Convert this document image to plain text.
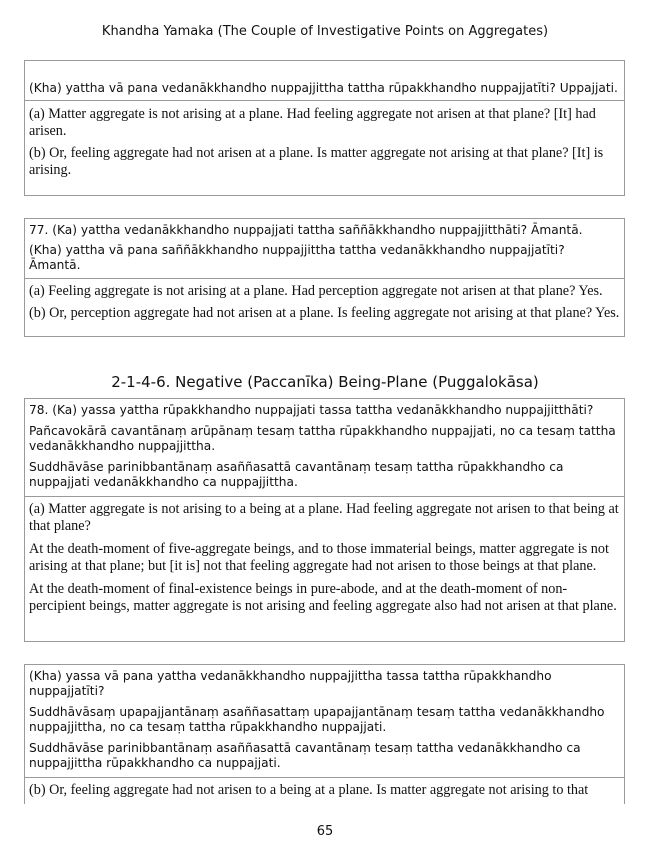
Khandha Yamaka (The Couple of Investigative Points on Aggregates)

(Kha) yattha vā pana vedanākkhandho nuppajjittha tattha rūpakkhandho nuppajjatīti? Uppajjati.

(a) Matter aggregate is not arising at a plane. Had feeling aggregate not arisen at that plane? [It] had arisen.

(b) Or, feeling aggregate had not arisen at a plane. Is matter aggregate not arising at that plane? [It] is arising.

77. (Ka) yattha vedanākkhandho nuppajjati tattha saññākkhandho nuppajjitthāti? Āmantā.

(Kha) yattha vā pana saññākkhandho nuppajjittha tattha vedanākkhandho nuppajjatīti? Āmantā.

(a) Feeling aggregate is not arising at a plane. Had perception aggregate not arisen at that plane? Yes.

(b) Or, perception aggregate had not arisen at a plane. Is feeling aggregate not arising at that plane? Yes.

2-1-4-6. Negative (Paccanīka) Being-Plane (Puggalokāsa)

78. (Ka) yassa yattha rūpakkhandho nuppajjati tassa tattha vedanākkhandho nuppajjitthāti?

Pañcavokārā cavantānaṃ arūpānaṃ tesaṃ tattha rūpakkhandho nuppajjati, no ca tesaṃ tattha vedanākkhandho nuppajjittha.

Suddhāvāse parinibbantānaṃ asaññasattā cavantānaṃ tesaṃ tattha rūpakkhandho ca nuppajjati vedanākkhandho ca nuppajjittha.

(a) Matter aggregate is not arising to a being at a plane. Had feeling aggregate not arisen to that being at that plane?

At the death-moment of five-aggregate beings, and to those immaterial beings, matter aggregate is not arising at that plane; but [it is] not that feeling aggregate had not arisen to those beings at that plane.

At the death-moment of final-existence beings in pure-abode, and at the death-moment of non-percipient beings, matter aggregate is not arising and feeling aggregate also had not arisen at that plane.

(Kha) yassa vā pana yattha vedanākkhandho nuppajjittha tassa tattha rūpakkhandho nuppajjatīti?

Suddhāvāsaṃ upapajjantānaṃ asaññasattaṃ upapajjantānaṃ tesaṃ tattha vedanākkhandho nuppajjittha, no ca tesaṃ tattha rūpakkhandho nuppajjati.

Suddhāvāse parinibbantānaṃ asaññasattā cavantānaṃ tesaṃ tattha vedanākkhandho ca nuppajjittha rūpakkhandho ca nuppajjati.

(b) Or, feeling aggregate had not arisen to a being at a plane. Is matter aggregate not arising to that

65
